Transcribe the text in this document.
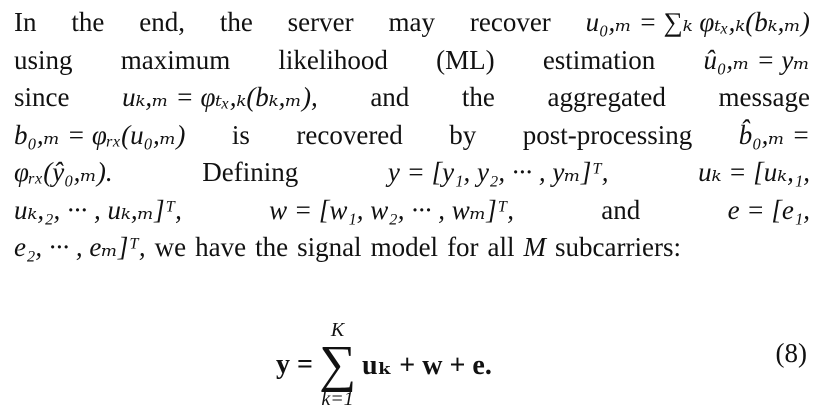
In the end, the server may recover u₀,ₘ = ∑ₖ φₜₓ,ₖ(bₖ,ₘ)
using maximum likelihood (ML) estimation û₀,ₘ = yₘ
since uₖ,ₘ = φₜₓ,ₖ(bₖ,ₘ), and the aggregated message
b₀,ₘ = φᵣₓ(u₀,ₘ) is recovered by post-processing b̂₀,ₘ =
φᵣₓ(ŷ₀,ₘ).	Defining	y = [y₁, y₂, ··· , yₘ]ᵀ,	uₖ = [uₖ,₁,
uₖ,₂, ··· , uₖ,ₘ]ᵀ,	w = [w₁, w₂, ··· , wₘ]ᵀ,	and	e = [e₁,
e₂, ··· , eₘ]ᵀ, we have the signal model for all M subcarriers:
y =
K
∑
k=1
uₖ + w + e.	(8)
